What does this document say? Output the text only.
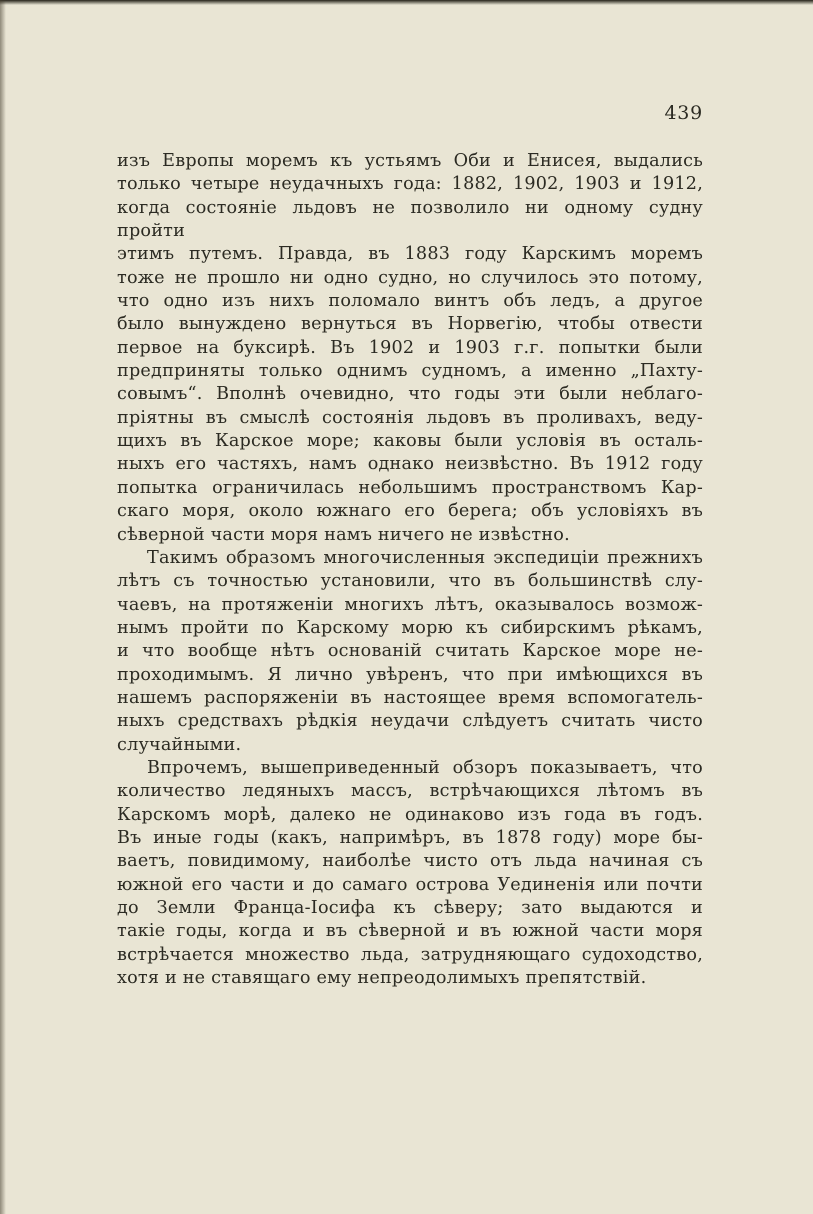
439
изъ Европы моремъ къ устьямъ Оби и Енисея, выдались
только четыре неудачныхъ года: 1882, 1902, 1903 и 1912,
когда состояніе льдовъ не позволило ни одному судну пройти
этимъ путемъ. Правда, въ 1883 году Карскимъ моремъ
тоже не прошло ни одно судно, но случилось это потому,
что одно изъ нихъ поломало винтъ объ ледъ, а другое
было вынуждено вернуться въ Норвегію, чтобы отвести
первое на буксирѣ. Въ 1902 и 1903 г.г. попытки были
предприняты только однимъ судномъ, а именно „Пахту-
совымъ“. Вполнѣ очевидно, что годы эти были неблаго-
пріятны въ смыслѣ состоянія льдовъ въ проливахъ, веду-
щихъ въ Карское море; каковы были условія въ осталь-
ныхъ его частяхъ, намъ однако неизвѣстно. Въ 1912 году
попытка ограничилась небольшимъ пространствомъ Кар-
скаго моря, около южнаго его берега; объ условіяхъ въ
сѣверной части моря намъ ничего не извѣстно.
Такимъ образомъ многочисленныя экспедиціи прежнихъ
лѣтъ съ точностью установили, что въ большинствѣ слу-
чаевъ, на протяженіи многихъ лѣтъ, оказывалось возмож-
нымъ пройти по Карскому морю къ сибирскимъ рѣкамъ,
и что вообще нѣтъ основаній считать Карское море не-
проходимымъ. Я лично увѣренъ, что при имѣющихся въ
нашемъ распоряженіи въ настоящее время вспомогатель-
ныхъ средствахъ рѣдкія неудачи слѣдуетъ считать чисто
случайными.
Впрочемъ, вышеприведенный обзоръ показываетъ, что
количество ледяныхъ массъ, встрѣчающихся лѣтомъ въ
Карскомъ морѣ, далеко не одинаково изъ года въ годъ.
Въ иные годы (какъ, напримѣръ, въ 1878 году) море бы-
ваетъ, повидимому, наиболѣе чисто отъ льда начиная съ
южной его части и до самаго острова Уединенія или почти
до Земли Франца-Іосифа къ сѣверу; зато выдаются и
такіе годы, когда и въ сѣверной и въ южной части моря
встрѣчается множество льда, затрудняющаго судоходство,
хотя и не ставящаго ему непреодолимыхъ препятствій.
